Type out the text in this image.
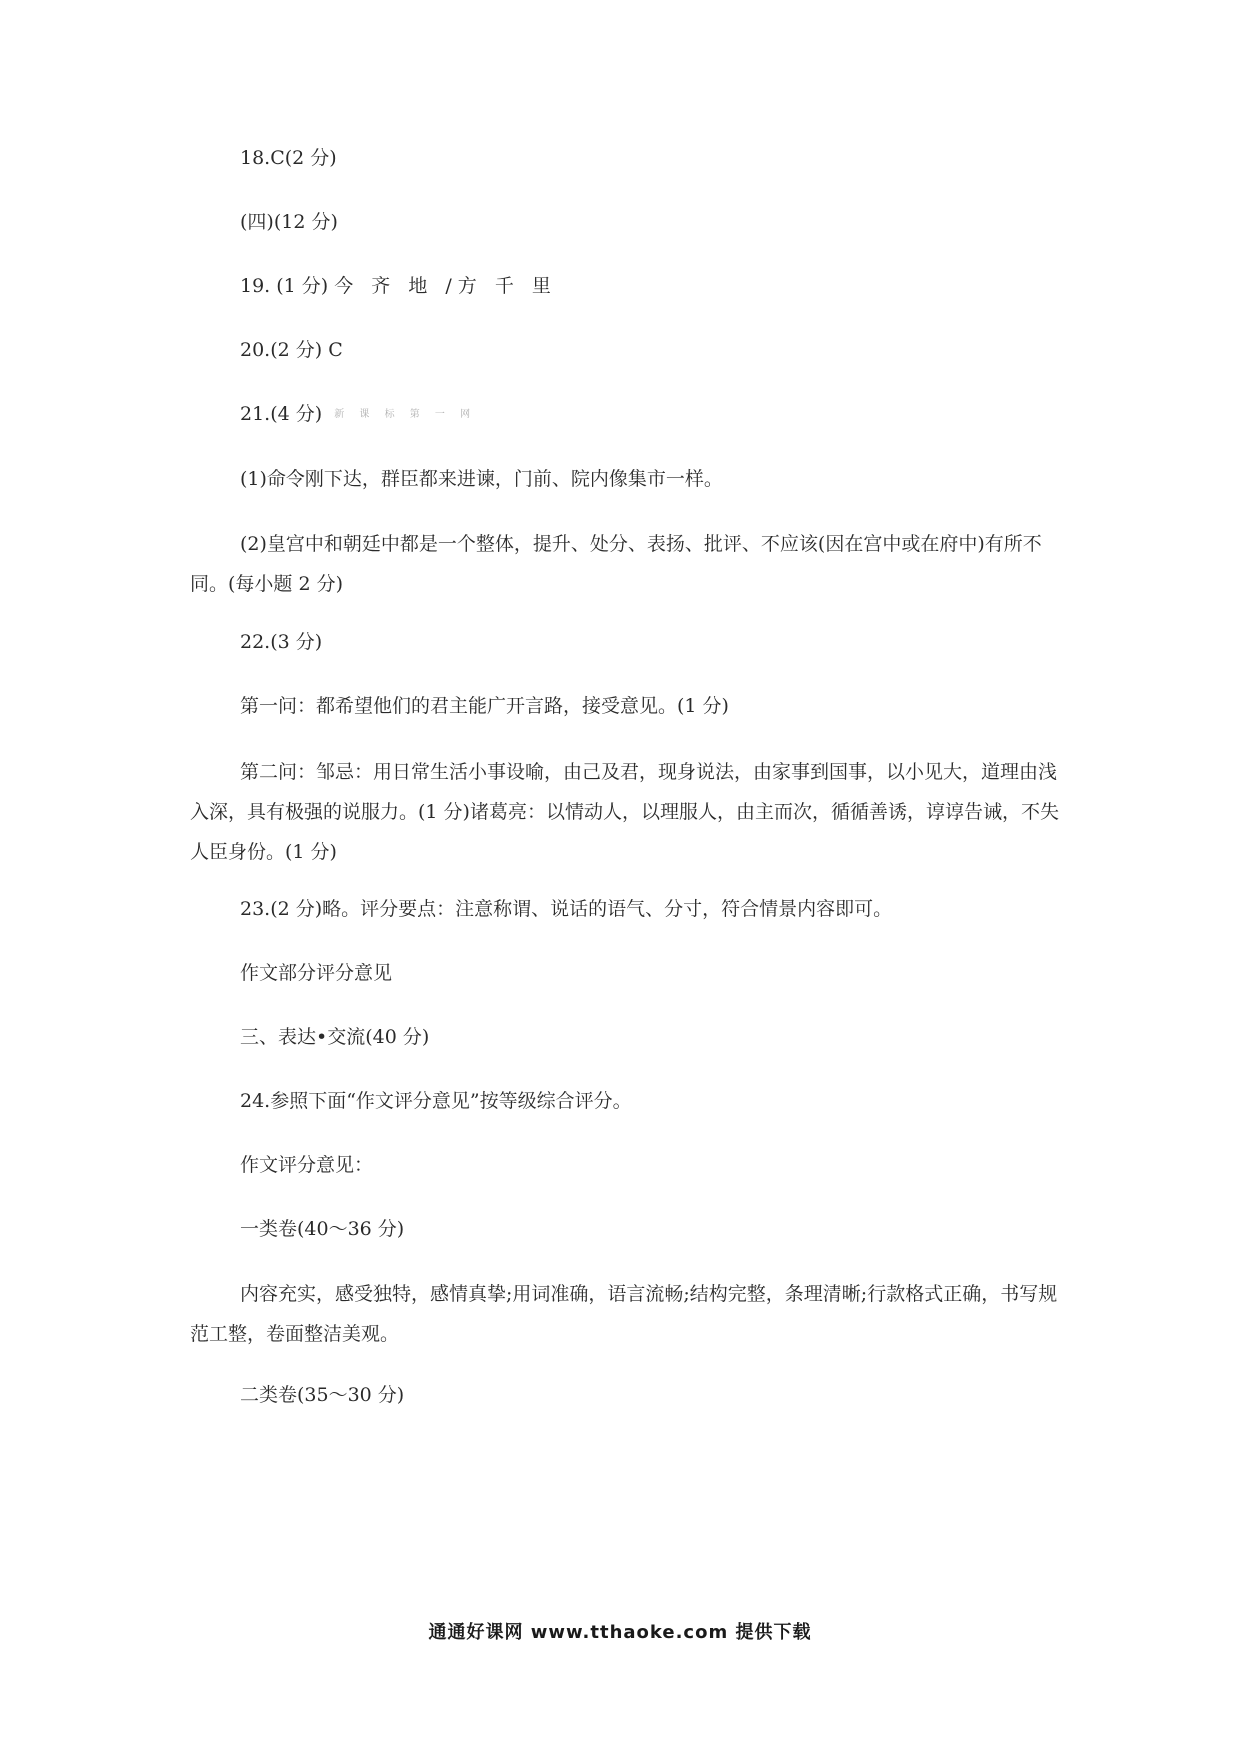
18.C(2 分)
(四)(12 分)
19. (1 分) 今 齐 地 /方 千 里
20.(2 分) C
21.(4 分) 新 课 标 第 一 网
(1)命令刚下达，群臣都来进谏，门前、院内像集市一样。
(2)皇宫中和朝廷中都是一个整体，提升、处分、表扬、批评、不应该(因在宫中或在府中)有所不同。(每小题 2 分)
22.(3 分)
第一问：都希望他们的君主能广开言路，接受意见。(1 分)
第二问：邹忌：用日常生活小事设喻，由己及君，现身说法，由家事到国事，以小见大，道理由浅入深，具有极强的说服力。(1 分)诸葛亮：以情动人，以理服人，由主而次，循循善诱，谆谆告诫，不失人臣身份。(1 分)
23.(2 分)略。评分要点：注意称谓、说话的语气、分寸，符合情景内容即可。
作文部分评分意见
三、表达•交流(40 分)
24.参照下面“作文评分意见”按等级综合评分。
作文评分意见：
一类卷(40～36 分)
内容充实，感受独特，感情真挚;用词准确，语言流畅;结构完整，条理清晰;行款格式正确，书写规范工整，卷面整洁美观。
二类卷(35～30 分)
通通好课网 www.tthaoke.com 提供下载
